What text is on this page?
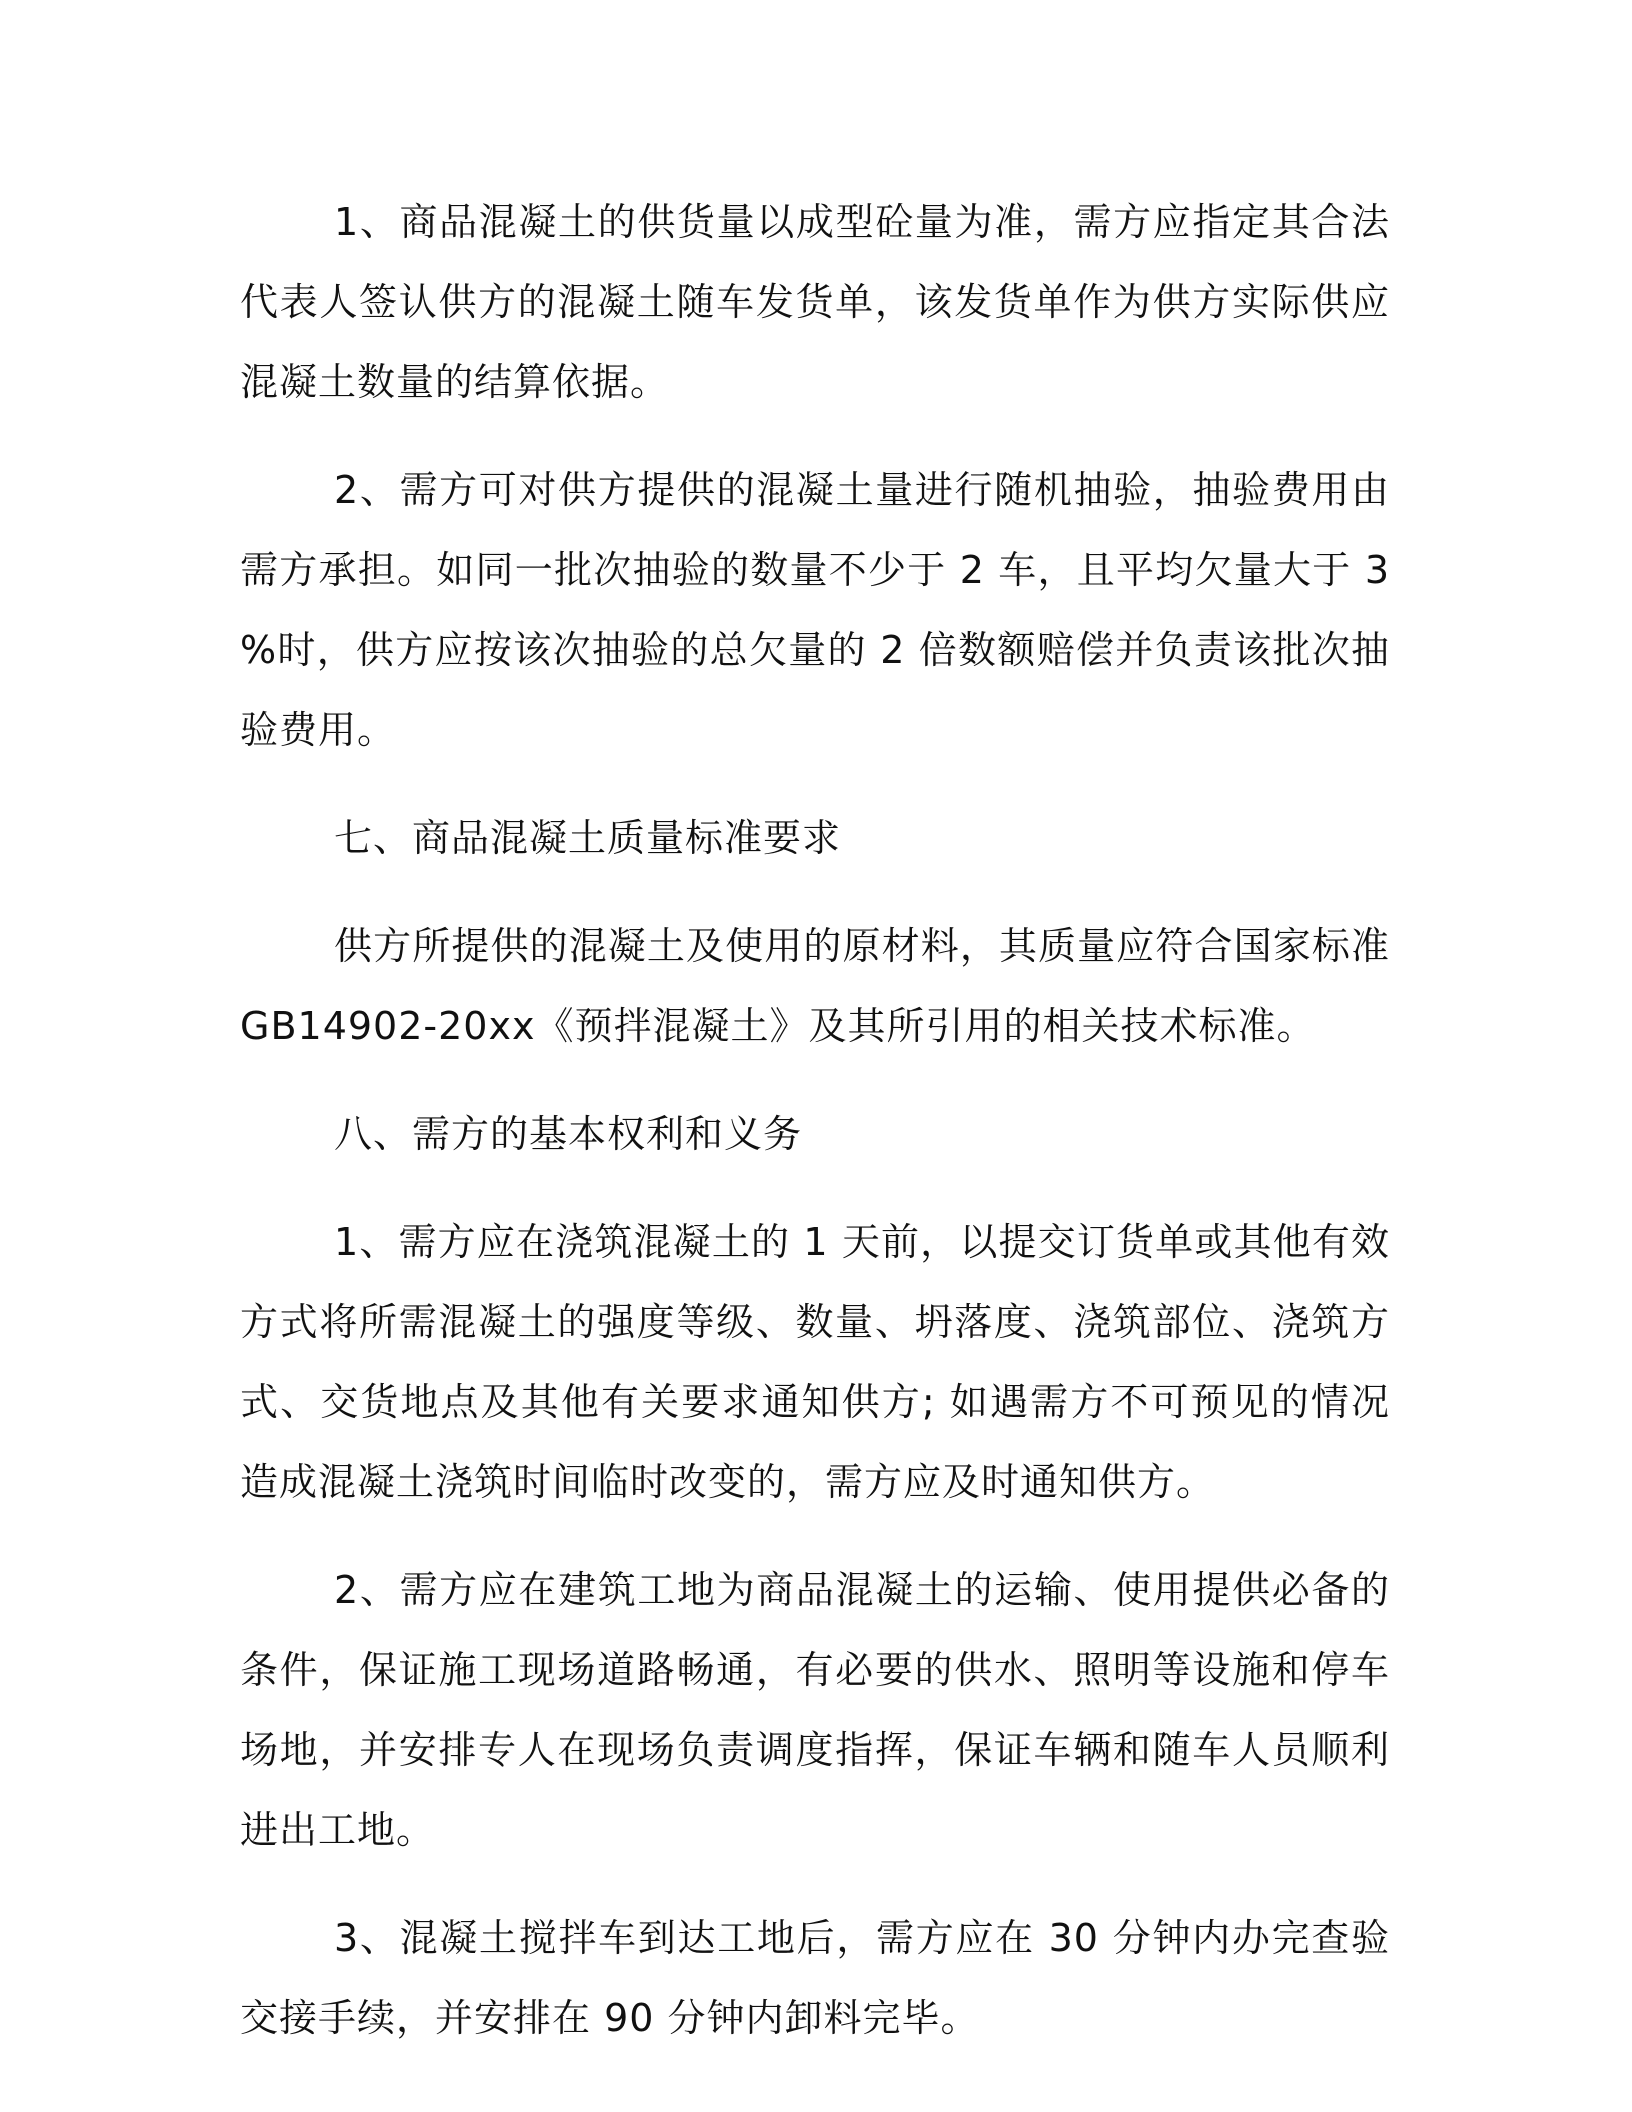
1、商品混凝土的供货量以成型砼量为准，需方应指定其合法代表人签认供方的混凝土随车发货单，该发货单作为供方实际供应混凝土数量的结算依据。

2、需方可对供方提供的混凝土量进行随机抽验，抽验费用由需方承担。如同一批次抽验的数量不少于 2 车，且平均欠量大于 3 %时，供方应按该次抽验的总欠量的 2 倍数额赔偿并负责该批次抽验费用。

七、商品混凝土质量标准要求

供方所提供的混凝土及使用的原材料，其质量应符合国家标准 GB14902-20xx《预拌混凝土》及其所引用的相关技术标准。

八、需方的基本权利和义务

1、需方应在浇筑混凝土的 1 天前，以提交订货单或其他有效方式将所需混凝土的强度等级、数量、坍落度、浇筑部位、浇筑方式、交货地点及其他有关要求通知供方; 如遇需方不可预见的情况造成混凝土浇筑时间临时改变的，需方应及时通知供方。

2、需方应在建筑工地为商品混凝土的运输、使用提供必备的条件，保证施工现场道路畅通，有必要的供水、照明等设施和停车场地，并安排专人在现场负责调度指挥，保证车辆和随车人员顺利进出工地。

3、混凝土搅拌车到达工地后，需方应在 30 分钟内办完查验交接手续，并安排在 90 分钟内卸料完毕。
